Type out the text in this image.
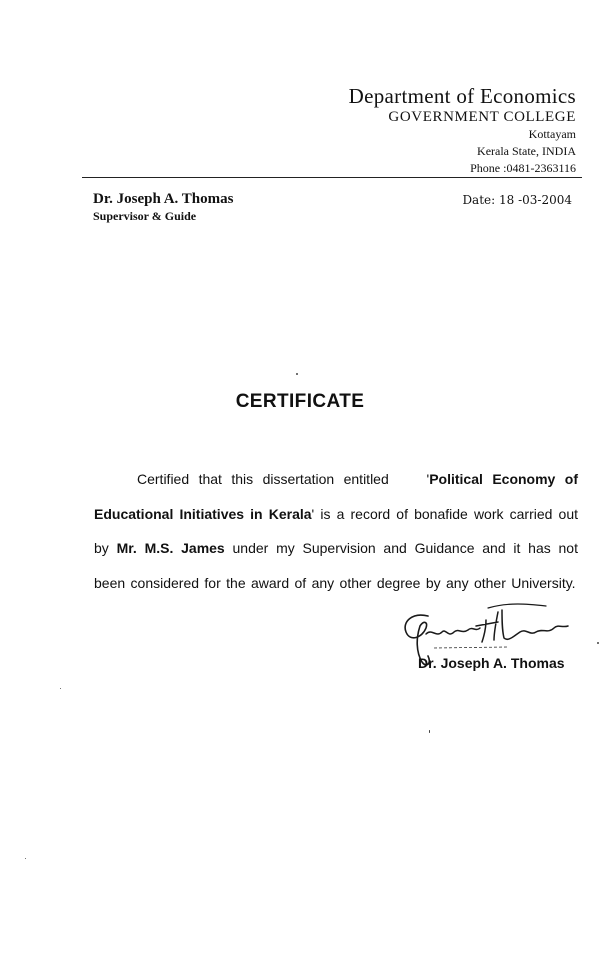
Department of Economics
GOVERNMENT COLLEGE
Kottayam
Kerala State, INDIA
Phone :0481-2363116
Dr. Joseph A. Thomas
Supervisor & Guide
Date: 18 -03-2004
CERTIFICATE

Certified that this dissertation entitled	'Political Economy of Educational Initiatives in Kerala' is a record of bonafide work carried out by Mr. M.S. James under my Supervision and Guidance and it has not been considered for the award of any other degree by any other University.

Dr. Joseph A. Thomas
